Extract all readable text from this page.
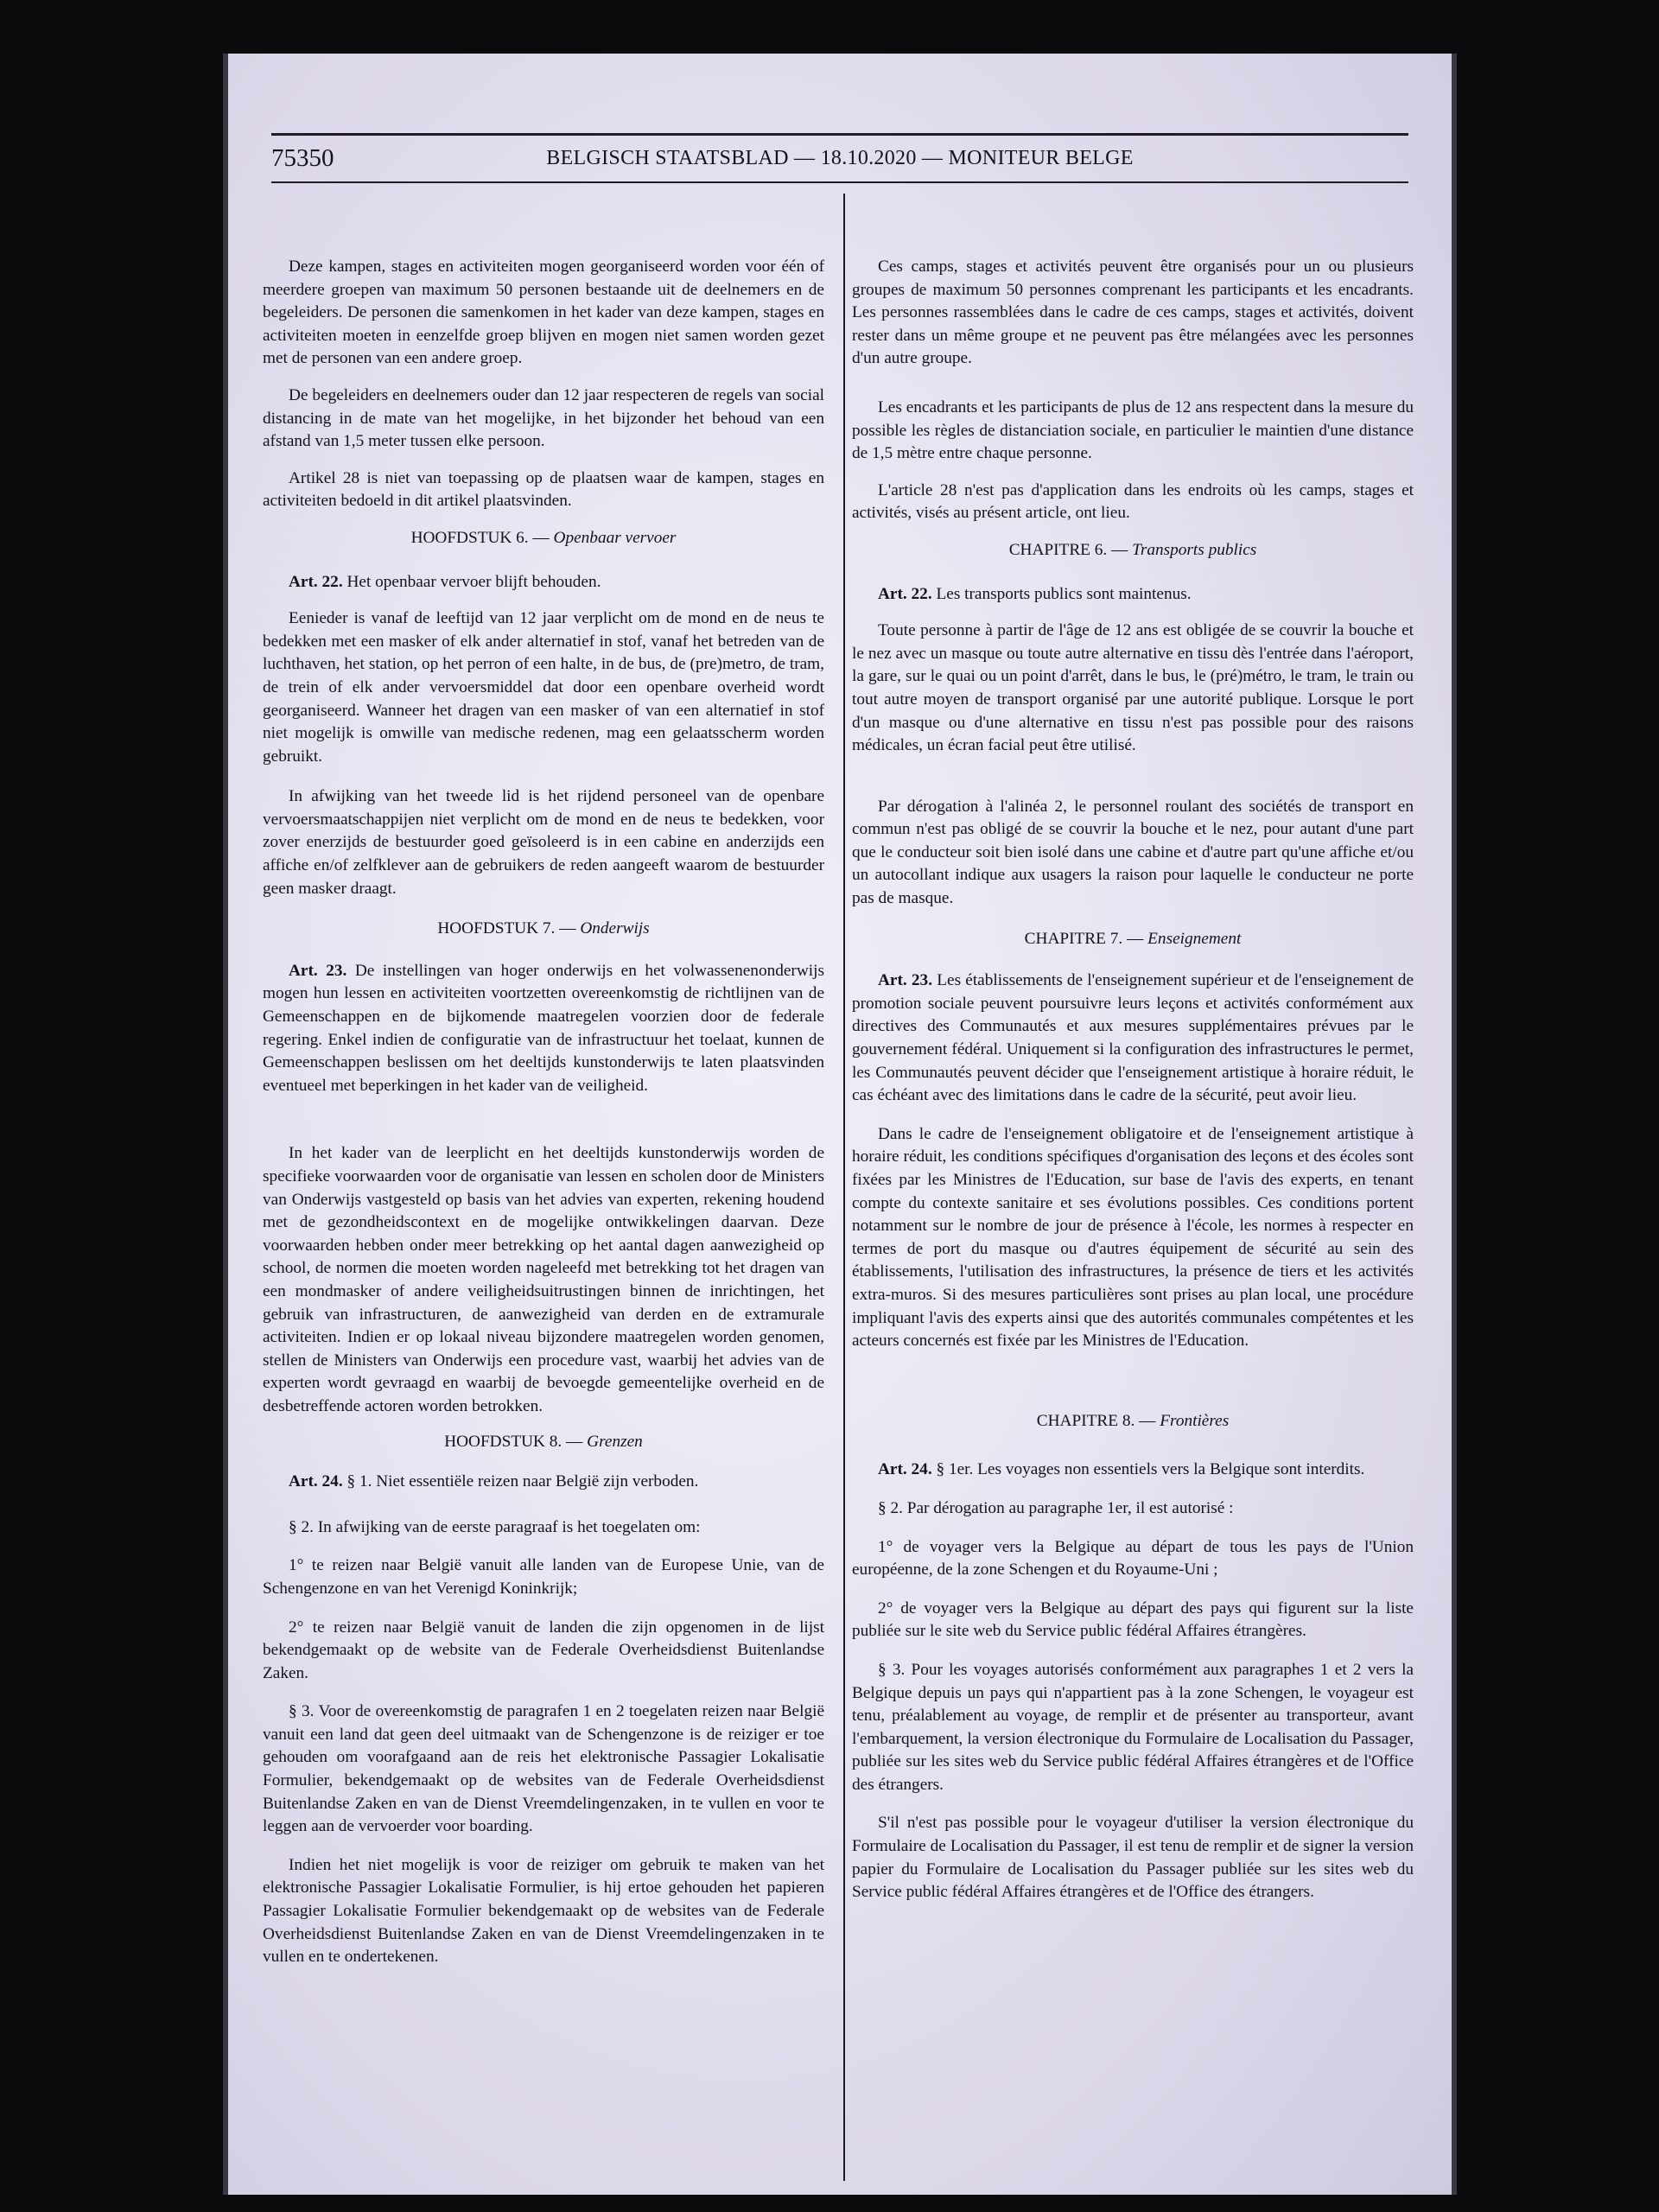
75350	BELGISCH STAATSBLAD — 18.10.2020 — MONITEUR BELGE

Deze kampen, stages en activiteiten mogen georganiseerd worden voor één of meerdere groepen van maximum 50 personen bestaande uit de deelnemers en de begeleiders. De personen die samenkomen in het kader van deze kampen, stages en activiteiten moeten in eenzelfde groep blijven en mogen niet samen worden gezet met de personen van een andere groep.

De begeleiders en deelnemers ouder dan 12 jaar respecteren de regels van social distancing in de mate van het mogelijke, in het bijzonder het behoud van een afstand van 1,5 meter tussen elke persoon.

Artikel 28 is niet van toepassing op de plaatsen waar de kampen, stages en activiteiten bedoeld in dit artikel plaatsvinden.

HOOFDSTUK 6. — Openbaar vervoer

Art. 22. Het openbaar vervoer blijft behouden.

Eenieder is vanaf de leeftijd van 12 jaar verplicht om de mond en de neus te bedekken met een masker of elk ander alternatief in stof, vanaf het betreden van de luchthaven, het station, op het perron of een halte, in de bus, de (pre)metro, de tram, de trein of elk ander vervoersmiddel dat door een openbare overheid wordt georganiseerd. Wanneer het dragen van een masker of van een alternatief in stof niet mogelijk is omwille van medische redenen, mag een gelaatsscherm worden gebruikt.

In afwijking van het tweede lid is het rijdend personeel van de openbare vervoersmaatschappijen niet verplicht om de mond en de neus te bedekken, voor zover enerzijds de bestuurder goed geïsoleerd is in een cabine en anderzijds een affiche en/of zelfklever aan de gebruikers de reden aangeeft waarom de bestuurder geen masker draagt.

HOOFDSTUK 7. — Onderwijs

Art. 23. De instellingen van hoger onderwijs en het volwassenenonderwijs mogen hun lessen en activiteiten voortzetten overeenkomstig de richtlijnen van de Gemeenschappen en de bijkomende maatregelen voorzien door de federale regering. Enkel indien de configuratie van de infrastructuur het toelaat, kunnen de Gemeenschappen beslissen om het deeltijds kunstonderwijs te laten plaatsvinden eventueel met beperkingen in het kader van de veiligheid.

In het kader van de leerplicht en het deeltijds kunstonderwijs worden de specifieke voorwaarden voor de organisatie van lessen en scholen door de Ministers van Onderwijs vastgesteld op basis van het advies van experten, rekening houdend met de gezondheidscontext en de mogelijke ontwikkelingen daarvan. Deze voorwaarden hebben onder meer betrekking op het aantal dagen aanwezigheid op school, de normen die moeten worden nageleefd met betrekking tot het dragen van een mondmasker of andere veiligheidsuitrustingen binnen de inrichtingen, het gebruik van infrastructuren, de aanwezigheid van derden en de extramurale activiteiten. Indien er op lokaal niveau bijzondere maatregelen worden genomen, stellen de Ministers van Onderwijs een procedure vast, waarbij het advies van de experten wordt gevraagd en waarbij de bevoegde gemeentelijke overheid en de desbetreffende actoren worden betrokken.

HOOFDSTUK 8. — Grenzen

Art. 24. § 1. Niet essentiële reizen naar België zijn verboden.

§ 2. In afwijking van de eerste paragraaf is het toegelaten om:

1° te reizen naar België vanuit alle landen van de Europese Unie, van de Schengenzone en van het Verenigd Koninkrijk;

2° te reizen naar België vanuit de landen die zijn opgenomen in de lijst bekendgemaakt op de website van de Federale Overheidsdienst Buitenlandse Zaken.

§ 3. Voor de overeenkomstig de paragrafen 1 en 2 toegelaten reizen naar België vanuit een land dat geen deel uitmaakt van de Schengenzone is de reiziger er toe gehouden om voorafgaand aan de reis het elektronische Passagier Lokalisatie Formulier, bekendgemaakt op de websites van de Federale Overheidsdienst Buitenlandse Zaken en van de Dienst Vreemdelingenzaken, in te vullen en voor te leggen aan de vervoerder voor boarding.

Indien het niet mogelijk is voor de reiziger om gebruik te maken van het elektronische Passagier Lokalisatie Formulier, is hij ertoe gehouden het papieren Passagier Lokalisatie Formulier bekendgemaakt op de websites van de Federale Overheidsdienst Buitenlandse Zaken en van de Dienst Vreemdelingenzaken in te vullen en te ondertekenen.

Ces camps, stages et activités peuvent être organisés pour un ou plusieurs groupes de maximum 50 personnes comprenant les participants et les encadrants. Les personnes rassemblées dans le cadre de ces camps, stages et activités, doivent rester dans un même groupe et ne peuvent pas être mélangées avec les personnes d'un autre groupe.

Les encadrants et les participants de plus de 12 ans respectent dans la mesure du possible les règles de distanciation sociale, en particulier le maintien d'une distance de 1,5 mètre entre chaque personne.

L'article 28 n'est pas d'application dans les endroits où les camps, stages et activités, visés au présent article, ont lieu.

CHAPITRE 6. — Transports publics

Art. 22. Les transports publics sont maintenus.

Toute personne à partir de l'âge de 12 ans est obligée de se couvrir la bouche et le nez avec un masque ou toute autre alternative en tissu dès l'entrée dans l'aéroport, la gare, sur le quai ou un point d'arrêt, dans le bus, le (pré)métro, le tram, le train ou tout autre moyen de transport organisé par une autorité publique. Lorsque le port d'un masque ou d'une alternative en tissu n'est pas possible pour des raisons médicales, un écran facial peut être utilisé.

Par dérogation à l'alinéa 2, le personnel roulant des sociétés de transport en commun n'est pas obligé de se couvrir la bouche et le nez, pour autant d'une part que le conducteur soit bien isolé dans une cabine et d'autre part qu'une affiche et/ou un autocollant indique aux usagers la raison pour laquelle le conducteur ne porte pas de masque.

CHAPITRE 7. — Enseignement

Art. 23. Les établissements de l'enseignement supérieur et de l'enseignement de promotion sociale peuvent poursuivre leurs leçons et activités conformément aux directives des Communautés et aux mesures supplémentaires prévues par le gouvernement fédéral. Uniquement si la configuration des infrastructures le permet, les Communautés peuvent décider que l'enseignement artistique à horaire réduit, le cas échéant avec des limitations dans le cadre de la sécurité, peut avoir lieu.

Dans le cadre de l'enseignement obligatoire et de l'enseignement artistique à horaire réduit, les conditions spécifiques d'organisation des leçons et des écoles sont fixées par les Ministres de l'Education, sur base de l'avis des experts, en tenant compte du contexte sanitaire et ses évolutions possibles. Ces conditions portent notamment sur le nombre de jour de présence à l'école, les normes à respecter en termes de port du masque ou d'autres équipement de sécurité au sein des établissements, l'utilisation des infrastructures, la présence de tiers et les activités extra-muros. Si des mesures particulières sont prises au plan local, une procédure impliquant l'avis des experts ainsi que des autorités communales compétentes et les acteurs concernés est fixée par les Ministres de l'Education.

CHAPITRE 8. — Frontières

Art. 24. § 1er. Les voyages non essentiels vers la Belgique sont interdits.

§ 2. Par dérogation au paragraphe 1er, il est autorisé :

1° de voyager vers la Belgique au départ de tous les pays de l'Union européenne, de la zone Schengen et du Royaume-Uni ;

2° de voyager vers la Belgique au départ des pays qui figurent sur la liste publiée sur le site web du Service public fédéral Affaires étrangères.

§ 3. Pour les voyages autorisés conformément aux paragraphes 1 et 2 vers la Belgique depuis un pays qui n'appartient pas à la zone Schengen, le voyageur est tenu, préalablement au voyage, de remplir et de présenter au transporteur, avant l'embarquement, la version électronique du Formulaire de Localisation du Passager, publiée sur les sites web du Service public fédéral Affaires étrangères et de l'Office des étrangers.

S'il n'est pas possible pour le voyageur d'utiliser la version électronique du Formulaire de Localisation du Passager, il est tenu de remplir et de signer la version papier du Formulaire de Localisation du Passager publiée sur les sites web du Service public fédéral Affaires étrangères et de l'Office des étrangers.
